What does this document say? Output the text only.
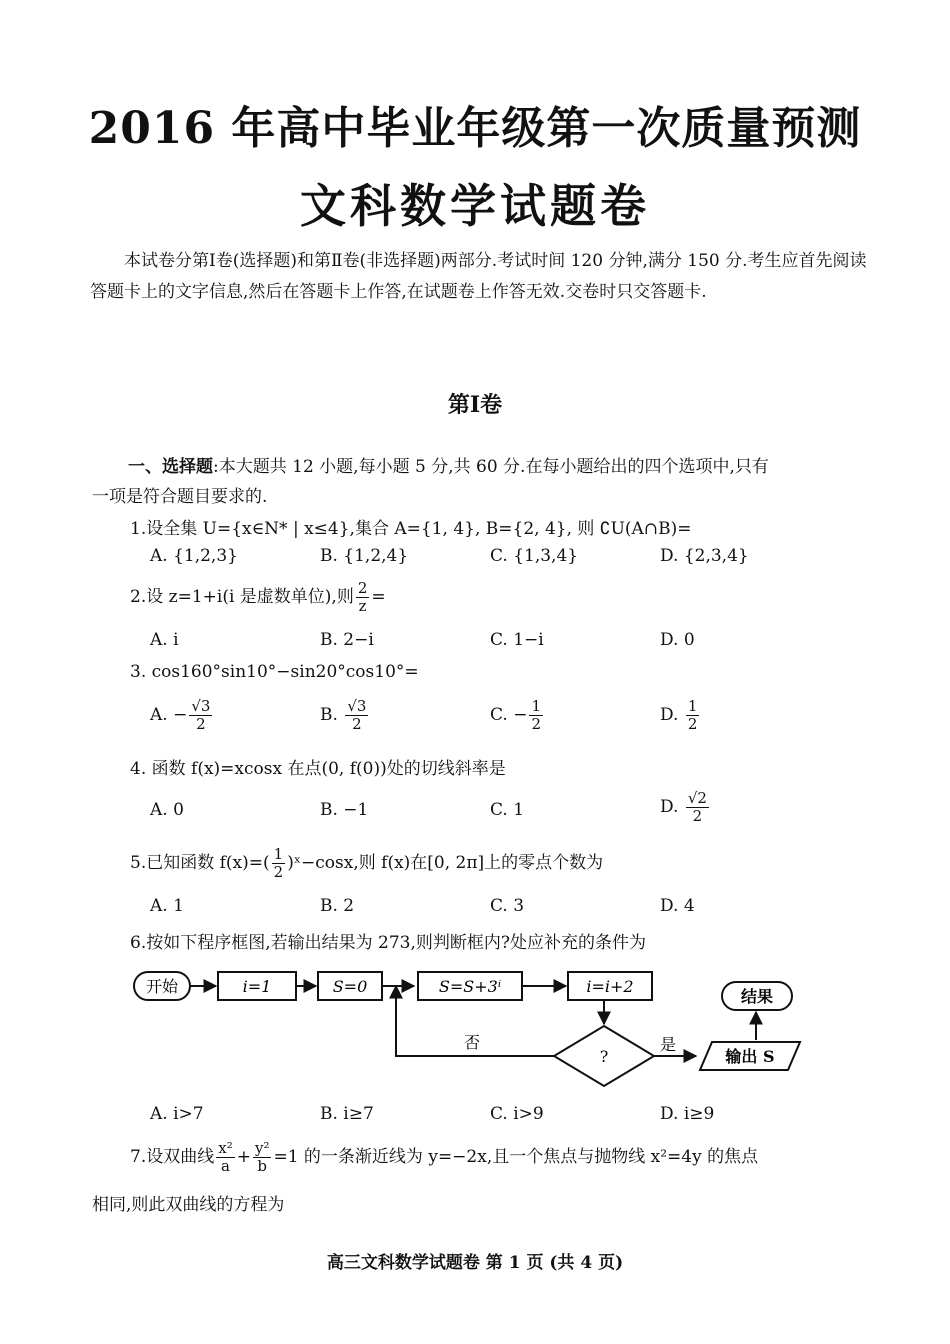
2016 年高中毕业年级第一次质量预测
文科数学试题卷
本试卷分第Ⅰ卷(选择题)和第Ⅱ卷(非选择题)两部分.考试时间 120 分钟,满分 150 分.考生应首先阅读答题卡上的文字信息,然后在答题卡上作答,在试题卷上作答无效.交卷时只交答题卡.
第Ⅰ卷
一、选择题:本大题共 12 小题,每小题 5 分,共 60 分.在每小题给出的四个选项中,只有
一项是符合题目要求的.
1.设全集 U={x∈N* | x≤4},集合 A={1, 4}, B={2, 4}, 则 ∁U(A∩B)=
A. {1,2,3}	B. {1,2,4}	C. {1,3,4}	D. {2,3,4}
2.设 z=1+i(i 是虚数单位),则 $\frac{2}{z}$ =
A. i	B. 2−i	C. 1−i	D. 0
3. cos160°sin10°−sin20°cos10°=
A. − $\frac{√3}{2}$	B. $\frac{√3}{2}$	C. − $\frac{1}{2}$	D. $\frac{1}{2}$
4. 函数 f(x)=xcosx 在点(0, f(0))处的切线斜率是
A. 0	B. −1	C. 1	D. $\frac{√2}{2}$
5.已知函数 $f(x)=( \frac{1}{2}$ )ˣ−cosx,则 f(x)在[0, 2π]上的零点个数为
A. 1	B. 2	C. 3	D. 4
6.按如下程序框图,若输出结果为 273,则判断框内?处应补充的条件为
开始	i=1	S=0	S=S+3ⁱ	i=i+2
?
否	是
输出 S
结果
A. i>7	B. i≥7	C. i>9	D. i≥9
7.设双曲线 $\frac{\text{x²}}{a} + \frac{\text{y²}}{b} =1$ 的一条渐近线为 y=−2x,且一个焦点与抛物线 x²=4y 的焦点
相同,则此双曲线的方程为
高三文科数学试题卷 第 1 页 (共 4 页)
